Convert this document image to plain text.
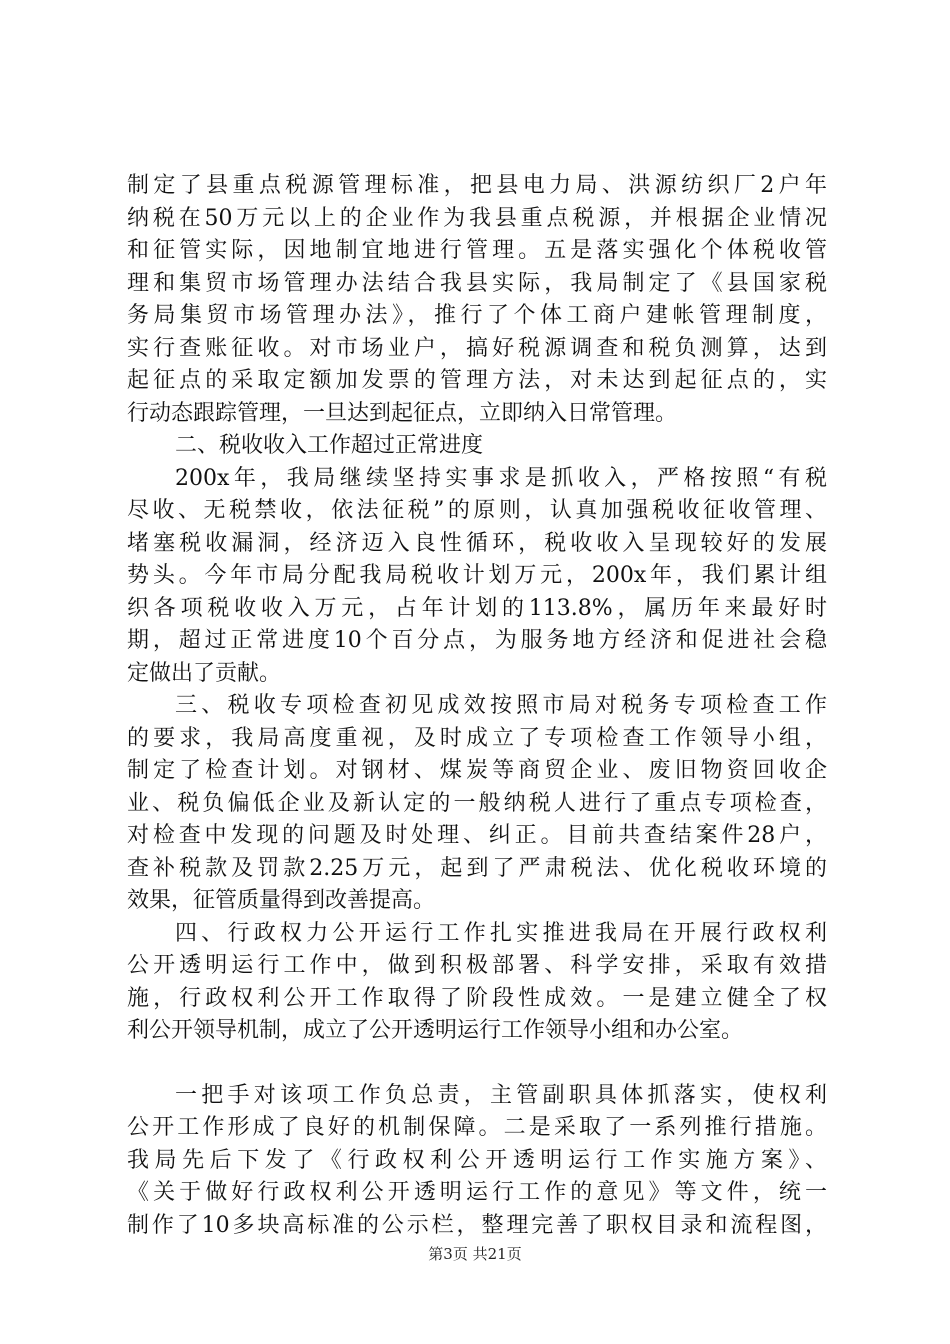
制定了县重点税源管理标准，把县电力局、洪源纺织厂2户年
纳税在50万元以上的企业作为我县重点税源，并根据企业情况
和征管实际，因地制宜地进行管理。五是落实强化个体税收管
理和集贸市场管理办法结合我县实际，我局制定了《县国家税
务局集贸市场管理办法》，推行了个体工商户建帐管理制度，
实行查账征收。对市场业户，搞好税源调查和税负测算，达到
起征点的采取定额加发票的管理方法，对未达到起征点的，实
行动态跟踪管理，一旦达到起征点，立即纳入日常管理。
二、税收收入工作超过正常进度
200x年，我局继续坚持实事求是抓收入，严格按照“有税
尽收、无税禁收，依法征税”的原则，认真加强税收征收管理、
堵塞税收漏洞，经济迈入良性循环，税收收入呈现较好的发展
势头。今年市局分配我局税收计划万元，200x年，我们累计组
织各项税收收入万元，占年计划的113.8%，属历年来最好时
期，超过正常进度10个百分点，为服务地方经济和促进社会稳
定做出了贡献。
三、税收专项检查初见成效按照市局对税务专项检查工作
的要求，我局高度重视，及时成立了专项检查工作领导小组，
制定了检查计划。对钢材、煤炭等商贸企业、废旧物资回收企
业、税负偏低企业及新认定的一般纳税人进行了重点专项检查，
对检查中发现的问题及时处理、纠正。目前共查结案件28户，
查补税款及罚款2.25万元，起到了严肃税法、优化税收环境的
效果，征管质量得到改善提高。
四、行政权力公开运行工作扎实推进我局在开展行政权利
公开透明运行工作中，做到积极部署、科学安排，采取有效措
施，行政权利公开工作取得了阶段性成效。一是建立健全了权
利公开领导机制，成立了公开透明运行工作领导小组和办公室。
一把手对该项工作负总责，主管副职具体抓落实，使权利
公开工作形成了良好的机制保障。二是采取了一系列推行措施。
我局先后下发了《行政权利公开透明运行工作实施方案》、
《关于做好行政权利公开透明运行工作的意见》等文件，统一
制作了10多块高标准的公示栏，整理完善了职权目录和流程图，
第3页 共21页
